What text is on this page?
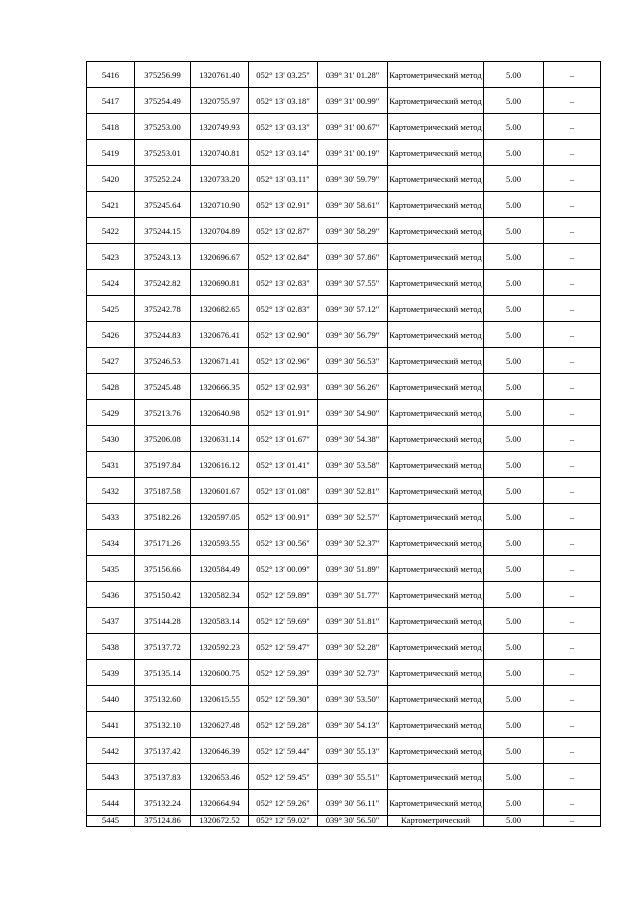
5416	375256.99	1320761.40	052° 13' 03.25"	039° 31' 01.28"	Картометрический метод	5.00	–
5417	375254.49	1320755.97	052° 13' 03.18"	039° 31' 00.99"	Картометрический метод	5.00	–
5418	375253.00	1320749.93	052° 13' 03.13"	039° 31' 00.67"	Картометрический метод	5.00	–
5419	375253.01	1320740.81	052° 13' 03.14"	039° 31' 00.19"	Картометрический метод	5.00	–
5420	375252.24	1320733.20	052° 13' 03.11"	039° 30' 59.79"	Картометрический метод	5.00	–
5421	375245.64	1320710.90	052° 13' 02.91"	039° 30' 58.61"	Картометрический метод	5.00	–
5422	375244.15	1320704.89	052° 13' 02.87"	039° 30' 58.29"	Картометрический метод	5.00	–
5423	375243.13	1320696.67	052° 13' 02.84"	039° 30' 57.86"	Картометрический метод	5.00	–
5424	375242.82	1320690.81	052° 13' 02.83"	039° 30' 57.55"	Картометрический метод	5.00	–
5425	375242.78	1320682.65	052° 13' 02.83"	039° 30' 57.12"	Картометрический метод	5.00	–
5426	375244.83	1320676.41	052° 13' 02.90"	039° 30' 56.79"	Картометрический метод	5.00	–
5427	375246.53	1320671.41	052° 13' 02.96"	039° 30' 56.53"	Картометрический метод	5.00	–
5428	375245.48	1320666.35	052° 13' 02.93"	039° 30' 56.26"	Картометрический метод	5.00	–
5429	375213.76	1320640.98	052° 13' 01.91"	039° 30' 54.90"	Картометрический метод	5.00	–
5430	375206.08	1320631.14	052° 13' 01.67"	039° 30' 54.38"	Картометрический метод	5.00	–
5431	375197.84	1320616.12	052° 13' 01.41"	039° 30' 53.58"	Картометрический метод	5.00	–
5432	375187.58	1320601.67	052° 13' 01.08"	039° 30' 52.81"	Картометрический метод	5.00	–
5433	375182.26	1320597.05	052° 13' 00.91"	039° 30' 52.57"	Картометрический метод	5.00	–
5434	375171.26	1320593.55	052° 13' 00.56"	039° 30' 52.37"	Картометрический метод	5.00	–
5435	375156.66	1320584.49	052° 13' 00.09"	039° 30' 51.89"	Картометрический метод	5.00	–
5436	375150.42	1320582.34	052° 12' 59.89"	039° 30' 51.77"	Картометрический метод	5.00	–
5437	375144.28	1320583.14	052° 12' 59.69"	039° 30' 51.81"	Картометрический метод	5.00	–
5438	375137.72	1320592.23	052° 12' 59.47"	039° 30' 52.28"	Картометрический метод	5.00	–
5439	375135.14	1320600.75	052° 12' 59.39"	039° 30' 52.73"	Картометрический метод	5.00	–
5440	375132.60	1320615.55	052° 12' 59.30"	039° 30' 53.50"	Картометрический метод	5.00	–
5441	375132.10	1320627.48	052° 12' 59.28"	039° 30' 54.13"	Картометрический метод	5.00	–
5442	375137.42	1320646.39	052° 12' 59.44"	039° 30' 55.13"	Картометрический метод	5.00	–
5443	375137.83	1320653.46	052° 12' 59.45"	039° 30' 55.51"	Картометрический метод	5.00	–
5444	375132.24	1320664.94	052° 12' 59.26"	039° 30' 56.11"	Картометрический метод	5.00	–
5445	375124.86	1320672.52	052° 12' 59.02"	039° 30' 56.50"	Картометрический	5.00	–
